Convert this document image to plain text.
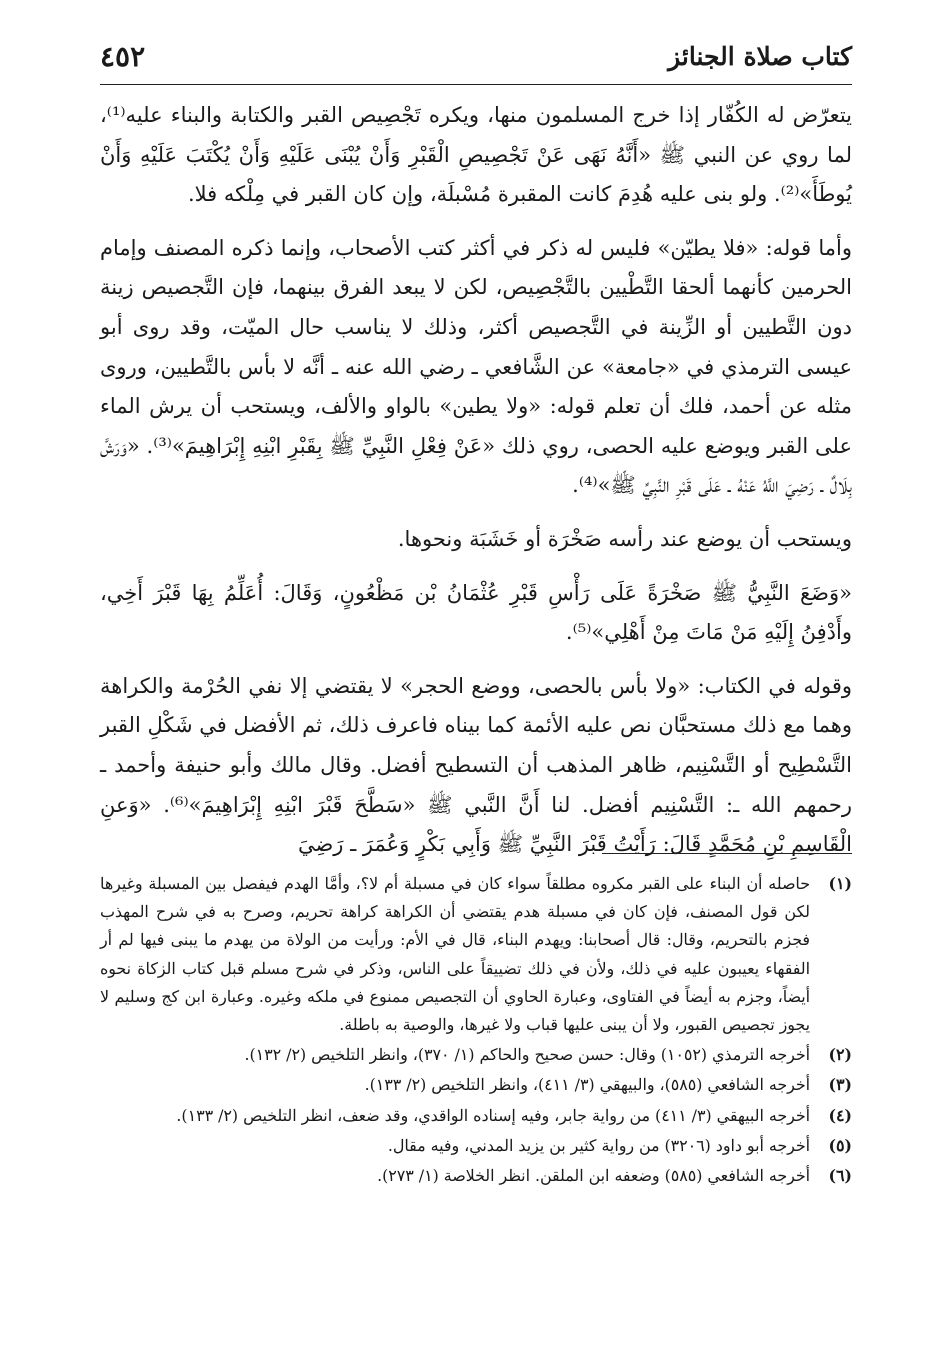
كتاب صلاة الجنائز
٤٥٢

يتعرّض له الكُفّار إذا خرج المسلمون منها، ويكره تَجْصِيص القبر والكتابة والبناء عليه⁽¹⁾، لما روي عن النبي ﷺ «أَنَّهُ نَهَى عَنْ تَجْصِيصِ الْقَبْرِ وَأَنْ يُبْنَى عَلَيْهِ وَأَنْ يُكْتَبَ عَلَيْهِ وَأَنْ يُوطَأَ»⁽²⁾. ولو بنى عليه هُدِمَ كانت المقبرة مُسْبلَة، وإن كان القبر في مِلْكه فلا.

وأما قوله: «فلا يطيّن» فليس له ذكر في أكثر كتب الأصحاب، وإنما ذكره المصنف وإمام الحرمين كأنهما ألحقا التَّطْيين بالتَّجْصِيص، لكن لا يبعد الفرق بينهما، فإن التَّجصيص زينة دون التَّطيين أو الزِّينة في التَّجصيص أكثر، وذلك لا يناسب حال الميّت، وقد روى أبو عيسى الترمذي في «جامعة» عن الشَّافعي ـ رضي الله عنه ـ أنَّه لا بأس بالتَّطيين، وروى مثله عن أحمد، فلك أن تعلم قوله: «ولا يطين» بالواو والألف، ويستحب أن يرش الماء على القبر ويوضع عليه الحصى، روي ذلك «عَنْ فِعْلِ النَّبِيِّ ﷺ بِقَبْرِ ابْنِهِ إِبْرَاهِيمَ»⁽³⁾. «وَرَشَّ بِلَالٌ ـ رَضِيَ اللَّهُ عَنْهُ ـ عَلَى قَبْرِ النَّبِيِّ ﷺ»⁽⁴⁾.

ويستحب أن يوضع عند رأسه صَخْرَة أو خَشَبَة ونحوها.

«وَضَعَ النَّبِيُّ ﷺ صَخْرَةً عَلَى رَأْسِ قَبْرِ عُثْمَانُ بْن مَظْعُونٍ، وَقَالَ: أُعَلِّمُ بِهَا قَبْرَ أَخِي، وأَدْفِنُ إِلَيْهِ مَنْ مَاتَ مِنْ أَهْلِي»⁽⁵⁾.

وقوله في الكتاب: «ولا بأس بالحصى، ووضع الحجر» لا يقتضي إلا نفي الحُرْمة والكراهة وهما مع ذلك مستحبَّان نص عليه الأئمة كما بيناه فاعرف ذلك، ثم الأفضل في شَكْلِ القبر التَّسْطِيح أو التَّسْنِيم، ظاهر المذهب أن التسطيح أفضل. وقال مالك وأبو حنيفة وأحمد ـ رحمهم الله ـ: التَّسْنِيم أفضل. لنا أَنَّ النَّبي ﷺ «سَطَّحَ قَبْرَ ابْنِهِ إِبْرَاهِيمَ»⁽⁶⁾. «وَعنِ الْقَاسِمِ بْنِ مُحَمَّدٍ قَالَ: رَأَيْتُ قَبْرَ النَّبِيِّ ﷺ وَأَبِي بَكْرٍ وَعُمَرَ ـ رَضِيَ

(١)
حاصله أن البناء على القبر مكروه مطلقاً سواء كان في مسبلة أم لا؟، وأمَّا الهدم فيفصل بين المسبلة وغيرها لكن قول المصنف، فإن كان في مسبلة هدم يقتضي أن الكراهة كراهة تحريم، وصرح به في شرح المهذب فجزم بالتحريم، وقال: قال أصحابنا: ويهدم البناء، قال في الأم: ورأيت من الولاة من يهدم ما يبنى فيها لم أر الفقهاء يعيبون عليه في ذلك، ولأن في ذلك تضييقاً على الناس، وذكر في شرح مسلم قبل كتاب الزكاة نحوه أيضاً، وجزم به أيضاً في الفتاوى، وعبارة الحاوي أن التجصيص ممنوع في ملكه وغيره. وعبارة ابن كج وسليم لا يجوز تجصيص القبور، ولا أن يبنى عليها قباب ولا غيرها، والوصية به باطلة.
(٢)
أخرجه الترمذي (١٠٥٢) وقال: حسن صحيح والحاكم (١/ ٣٧٠)، وانظر التلخيص (٢/ ١٣٢).
(٣)
أخرجه الشافعي (٥٨٥)، والبيهقي (٣/ ٤١١)، وانظر التلخيص (٢/ ١٣٣).
(٤)
أخرجه البيهقي (٣/ ٤١١) من رواية جابر، وفيه إسناده الواقدي، وقد ضعف، انظر التلخيص (٢/ ١٣٣).
(٥)
أخرجه أبو داود (٣٢٠٦) من رواية كثير بن يزيد المدني، وفيه مقال.
(٦)
أخرجه الشافعي (٥٨٥) وضعفه ابن الملقن. انظر الخلاصة (١/ ٢٧٣).
